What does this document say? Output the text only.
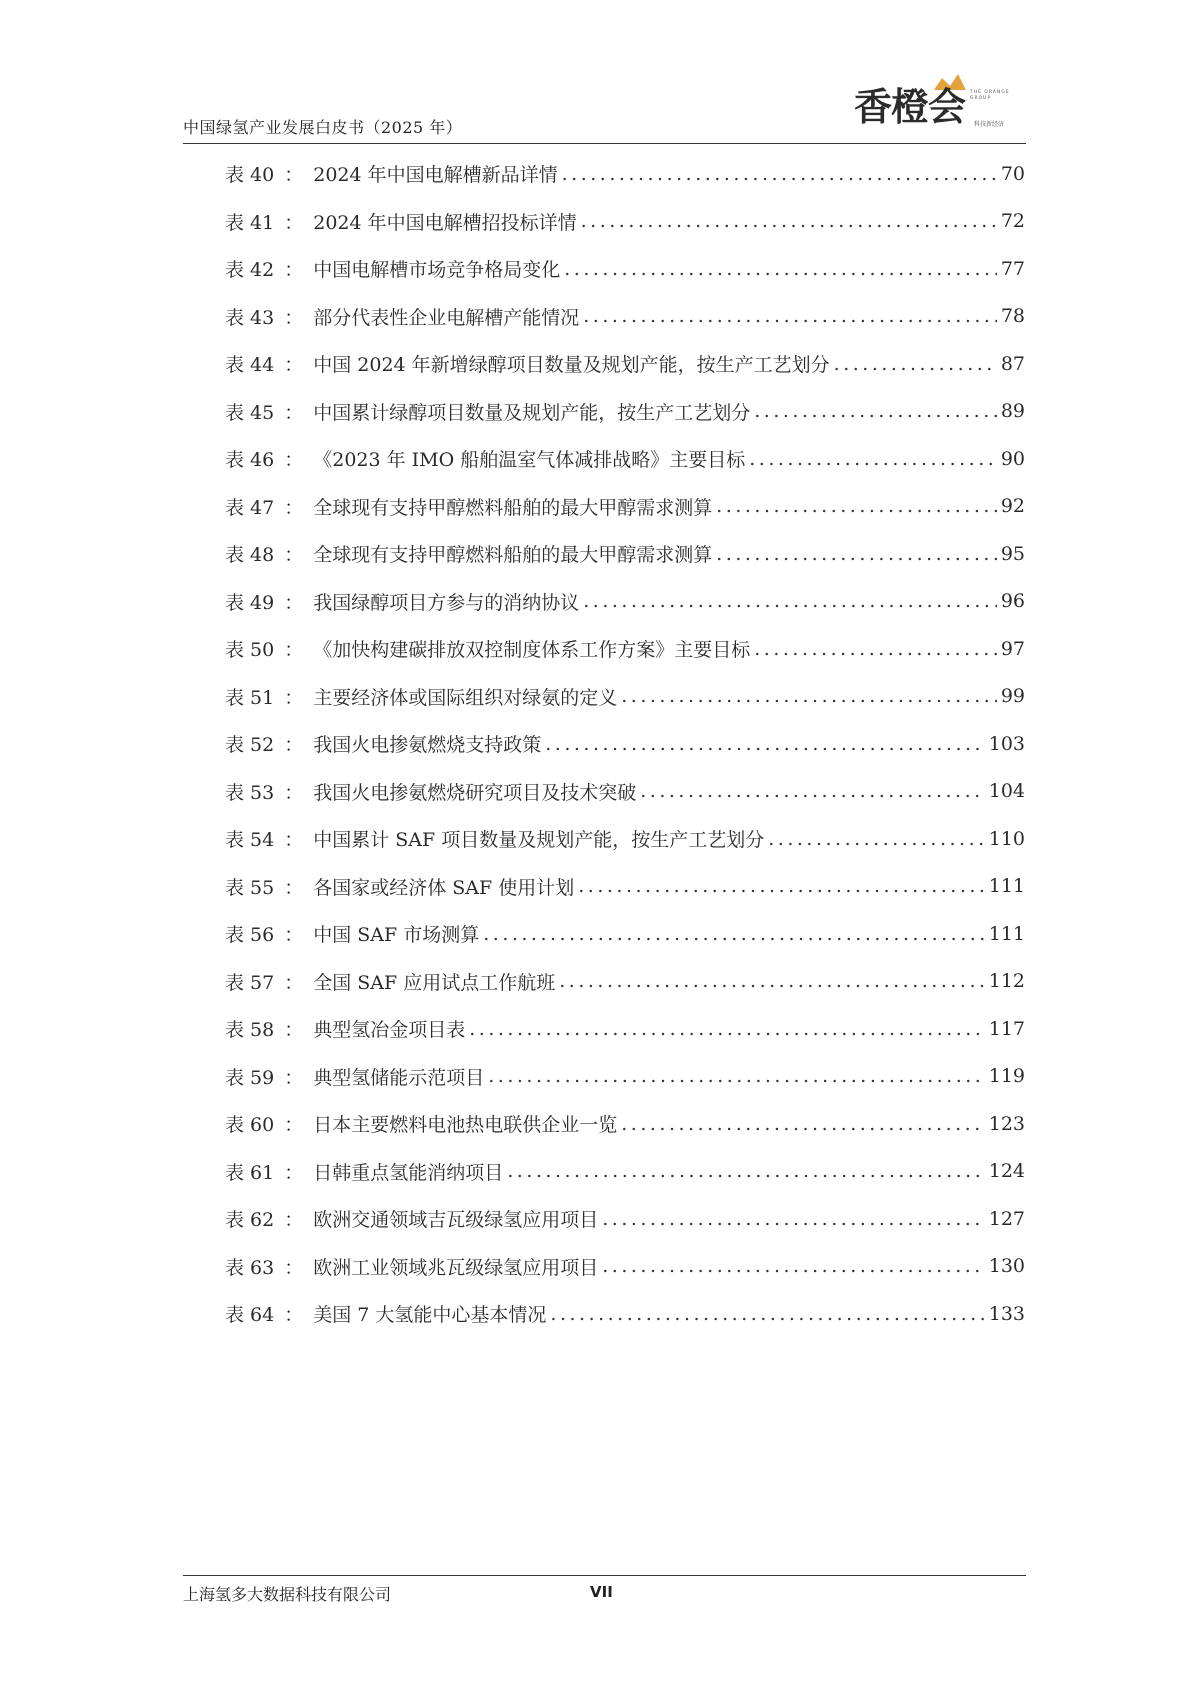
中国绿氢产业发展白皮书（2025 年）	香橙会 THE ORANGE GROUP
科技新经济
表 40 ： 2024 年中国电解槽新品详情 .....	70
表 41 ： 2024 年中国电解槽招投标详情 .....	72
表 42 ： 中国电解槽市场竞争格局变化 .....	77
表 43 ： 部分代表性企业电解槽产能情况 .....	78
表 44 ： 中国 2024 年新增绿醇项目数量及规划产能，按生产工艺划分 .....	87
表 45 ： 中国累计绿醇项目数量及规划产能，按生产工艺划分 .....	89
表 46 ： 《2023 年 IMO 船舶温室气体减排战略》主要目标 .....	90
表 47 ： 全球现有支持甲醇燃料船舶的最大甲醇需求测算 .....	92
表 48 ： 全球现有支持甲醇燃料船舶的最大甲醇需求测算 .....	95
表 49 ： 我国绿醇项目方参与的消纳协议 .....	96
表 50 ： 《加快构建碳排放双控制度体系工作方案》主要目标 .....	97
表 51 ： 主要经济体或国际组织对绿氨的定义 .....	99
表 52 ： 我国火电掺氨燃烧支持政策 .....	103
表 53 ： 我国火电掺氨燃烧研究项目及技术突破 .....	104
表 54 ： 中国累计 SAF 项目数量及规划产能，按生产工艺划分 .....	110
表 55 ： 各国家或经济体 SAF 使用计划 .....	111
表 56 ： 中国 SAF 市场测算 .....	111
表 57 ： 全国 SAF 应用试点工作航班 .....	112
表 58 ： 典型氢冶金项目表 .....	117
表 59 ： 典型氢储能示范项目 .....	119
表 60 ： 日本主要燃料电池热电联供企业一览 .....	123
表 61 ： 日韩重点氢能消纳项目 .....	124
表 62 ： 欧洲交通领域吉瓦级绿氢应用项目 .....	127
表 63 ： 欧洲工业领域兆瓦级绿氢应用项目 .....	130
表 64 ： 美国 7 大氢能中心基本情况 .....	133
上海氢多大数据科技有限公司	VII
